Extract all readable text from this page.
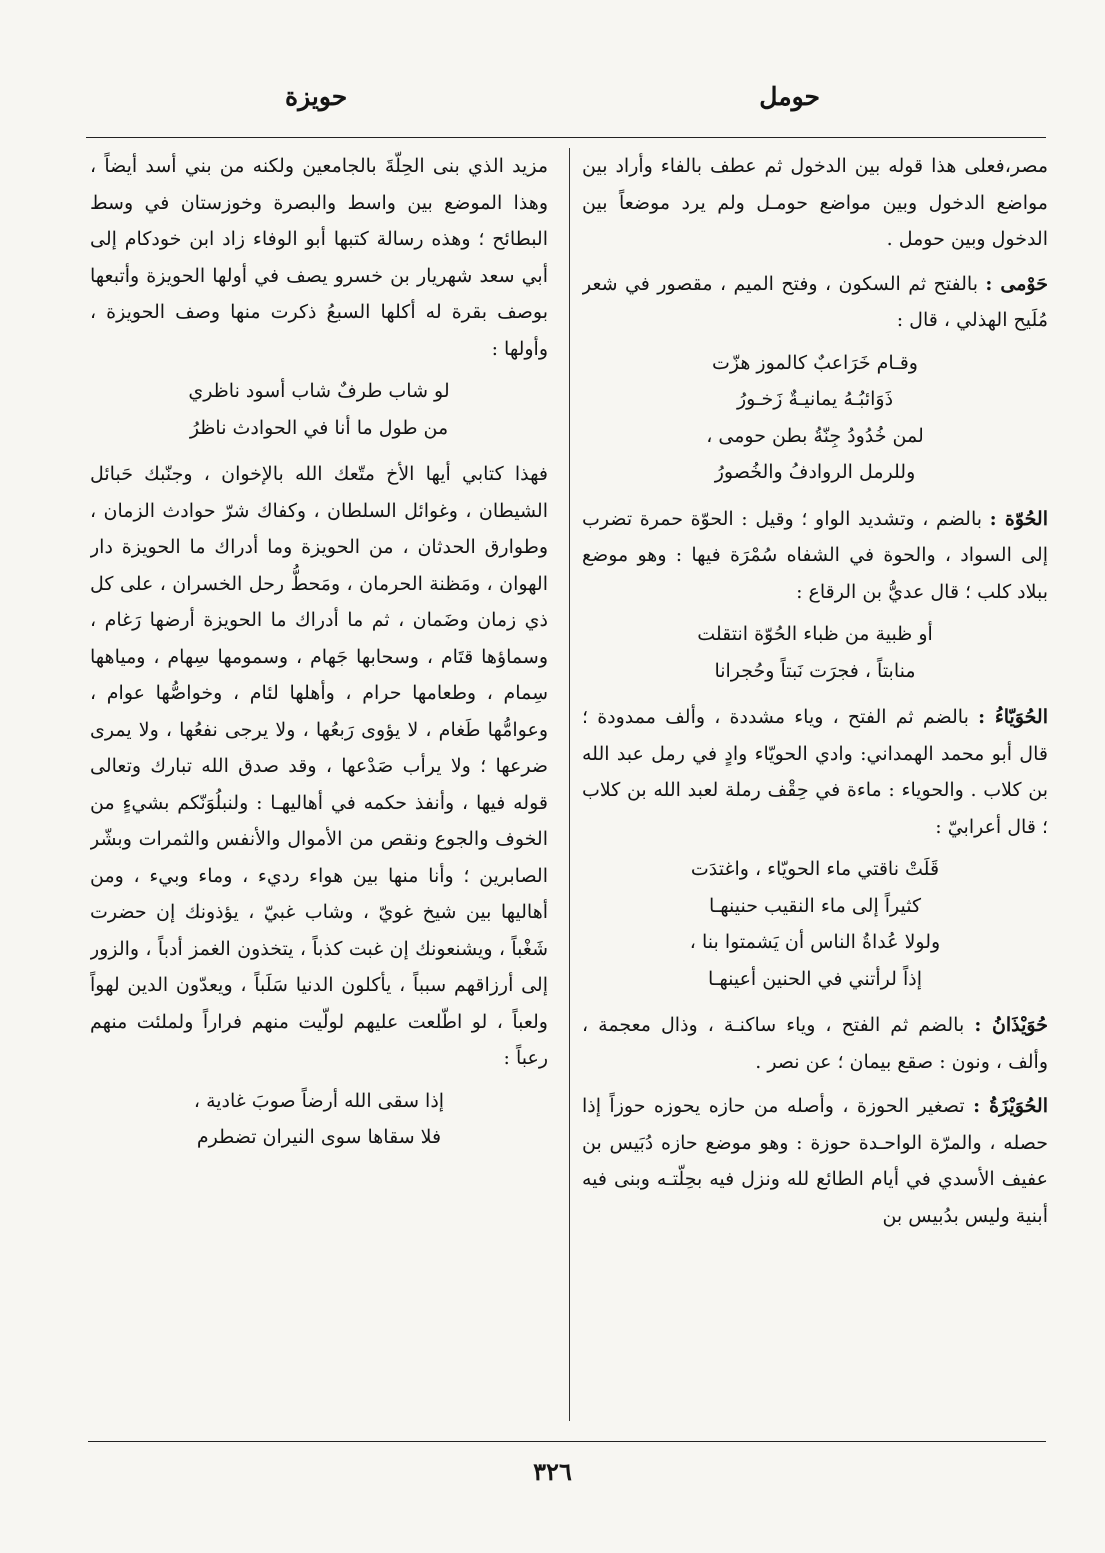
حومل
حويزة

مصر،فعلى هذا قوله بين الدخول ثم عطف بالفاء وأراد بين مواضع الدخول وبين مواضع حومـل ولم يرد موضعاً بين الدخول وبين حومل .

حَوْمى : بالفتح ثم السكون ، وفتح الميم ، مقصور في شعر مُلَيح الهذلي ، قال :

وقـام خَرَاعبٌ كالموز هزّت
ذَوَائبُـهُ يمانيـةٌ زَخـورُ
لمن خُدُودُ جِنّةُ بطن حومى ،
وللرمل الروادفُ والخُصورُ

الحُوّة : بالضم ، وتشديد الواو ؛ وقيل : الحوّة حمرة تضرب إلى السواد ، والحوة في الشفاه سُمْرَة فيها : وهو موضع ببلاد كلب ؛ قال عديُّ بن الرقاع :

أو ظبية من ظباء الحُوّة انتقلت
منابتاً ، فجرَت نَبتاً وحُجرانا

الحُوَيّاءُ : بالضم ثم الفتح ، وياء مشددة ، وألف ممدودة ؛ قال أبو محمد الهمداني: وادي الحويّاء وادٍ في رمل عبد الله بن كلاب . والحوياء : ماءة في حِقْف رملة لعبد الله بن كلاب ؛ قال أعرابيّ :

قَلَتْ ناقتي ماء الحويّاء ، واغتدَت
كثيراً إلى ماء النقيب حنينهـا
ولولا عُداةُ الناس أن يَشمتوا بنا ،
إذاً لرأتني في الحنين أعينهـا

حُوَيْذَانُ : بالضم ثم الفتح ، وياء ساكنـة ، وذال معجمة ، وألف ، ونون : صقع بيمان ؛ عن نصر .

الحُوَيْزَةُ : تصغير الحوزة ، وأصله من حازه يحوزه حوزاً إذا حصله ، والمرّة الواحـدة حوزة : وهو موضع حازه دُبَيس بن عفيف الأسدي في أيام الطائع لله ونزل فيه بحِلّتـه وبنى فيه أبنية وليس بدُبيس بن

مزيد الذي بنى الحِلّةَ بالجامعين ولكنه من بني أسد أيضاً ، وهذا الموضع بين واسط والبصرة وخوزستان في وسط البطائح ؛ وهذه رسالة كتبها أبو الوفاء زاد ابن خودكام إلى أبي سعد شهريار بن خسرو يصف في أولها الحويزة وأتبعها بوصف بقرة له أكلها السبعُ ذكرت منها وصف الحويزة ، وأولها :

لو شاب طرفٌ شاب أسود ناظري
من طول ما أنا في الحوادث ناظرُ

فهذا كتابي أيها الأخ متّعك الله بالإخوان ، وجنّبك حَبائل الشيطان ، وغوائل السلطان ، وكفاك شرّ حوادث الزمان ، وطوارق الحدثان ، من الحويزة وما أدراك ما الحويزة دار الهوان ، ومَظنة الحرمان ، ومَحطُّ رحل الخسران ، على كل ذي زمان وضَمان ، ثم ما أدراك ما الحويزة أرضها رَغام ، وسماؤها قتَام ، وسحابها جَهام ، وسمومها سِهام ، ومياهها سِمام ، وطعامها حرام ، وأهلها لئام ، وخواصُّها عوام ، وعوامُّها طَغام ، لا يؤوى رَبعُها ، ولا يرجى نفعُها ، ولا يمرى ضرعها ؛ ولا يرأب صَدْعها ، وقد صدق الله تبارك وتعالى قوله فيها ، وأنفذ حكمه في أهاليهـا : ولنبلُوَنّكم بشيءٍ من الخوف والجوع ونقص من الأموال والأنفس والثمرات وبشّر الصابرين ؛ وأنا منها بين هواء رديء ، وماء وبيء ، ومن أهاليها بين شيخ غويّ ، وشاب غبيّ ، يؤذونك إن حضرت شَغْباً ، ويشنعونك إن غبت كذباً ، يتخذون الغمز أدباً ، والزور إلى أرزاقهم سبباً ، يأكلون الدنيا سَلَباً ، ويعدّون الدين لهواً ولعباً ، لو اطّلعت عليهم لولّيت منهم فراراً ولملئت منهم رعباً :

إذا سقى الله أرضاً صوبَ غادية ،
فلا سقاها سوى النيران تضطرم
٣٢٦
